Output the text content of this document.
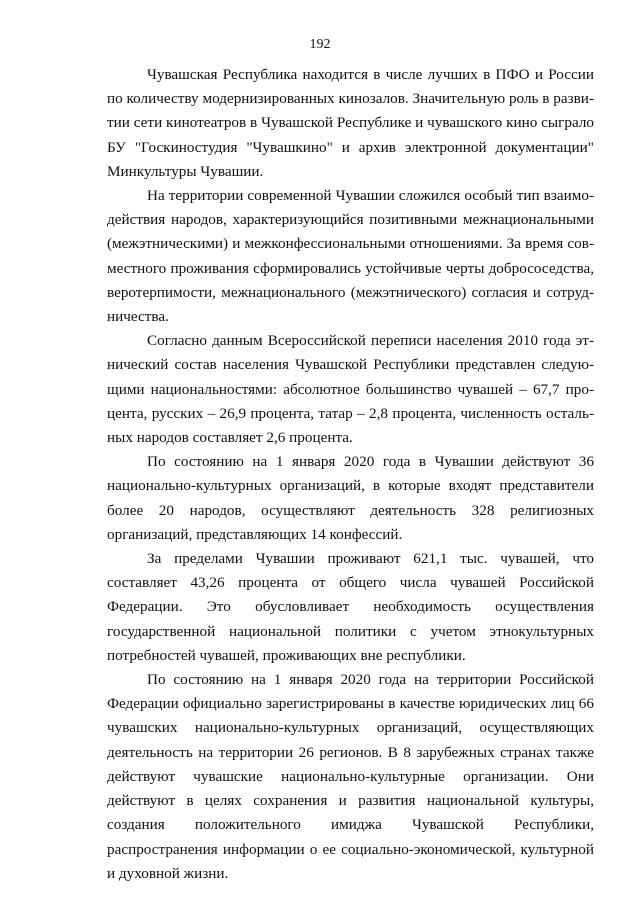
192

Чувашская Республика находится в числе лучших в ПФО и России по количеству модернизированных кинозалов. Значительную роль в развитии сети кинотеатров в Чувашской Республике и чувашского кино сыграло БУ "Госкиностудия "Чувашкино" и архив электронной документации" Минкультуры Чувашии.

На территории современной Чувашии сложился особый тип взаимодействия народов, характеризующийся позитивными межнациональными (межэтническими) и межконфессиональными отношениями. За время совместного проживания сформировались устойчивые черты добрососедства, веротерпимости, межнационального (межэтнического) согласия и сотрудничества.

Согласно данным Всероссийской переписи населения 2010 года этнический состав населения Чувашской Республики представлен следующими национальностями: абсолютное большинство чувашей – 67,7 процента, русских – 26,9 процента, татар – 2,8 процента, численность остальных народов составляет 2,6 процента.

По состоянию на 1 января 2020 года в Чувашии действуют 36 национально-культурных организаций, в которые входят представители более 20 народов, осуществляют деятельность 328 религиозных организаций, представляющих 14 конфессий.

За пределами Чувашии проживают 621,1 тыс. чувашей, что составляет 43,26 процента от общего числа чувашей Российской Федерации. Это обусловливает необходимость осуществления государственной национальной политики с учетом этнокультурных потребностей чувашей, проживающих вне республики.

По состоянию на 1 января 2020 года на территории Российской Федерации официально зарегистрированы в качестве юридических лиц 66 чувашских национально-культурных организаций, осуществляющих деятельность на территории 26 регионов. В 8 зарубежных странах также действуют чувашские национально-культурные организации. Они действуют в целях сохранения и развития национальной культуры, создания положительного имиджа Чувашской Республики, распространения информации о ее социально-экономической, культурной и духовной жизни.
